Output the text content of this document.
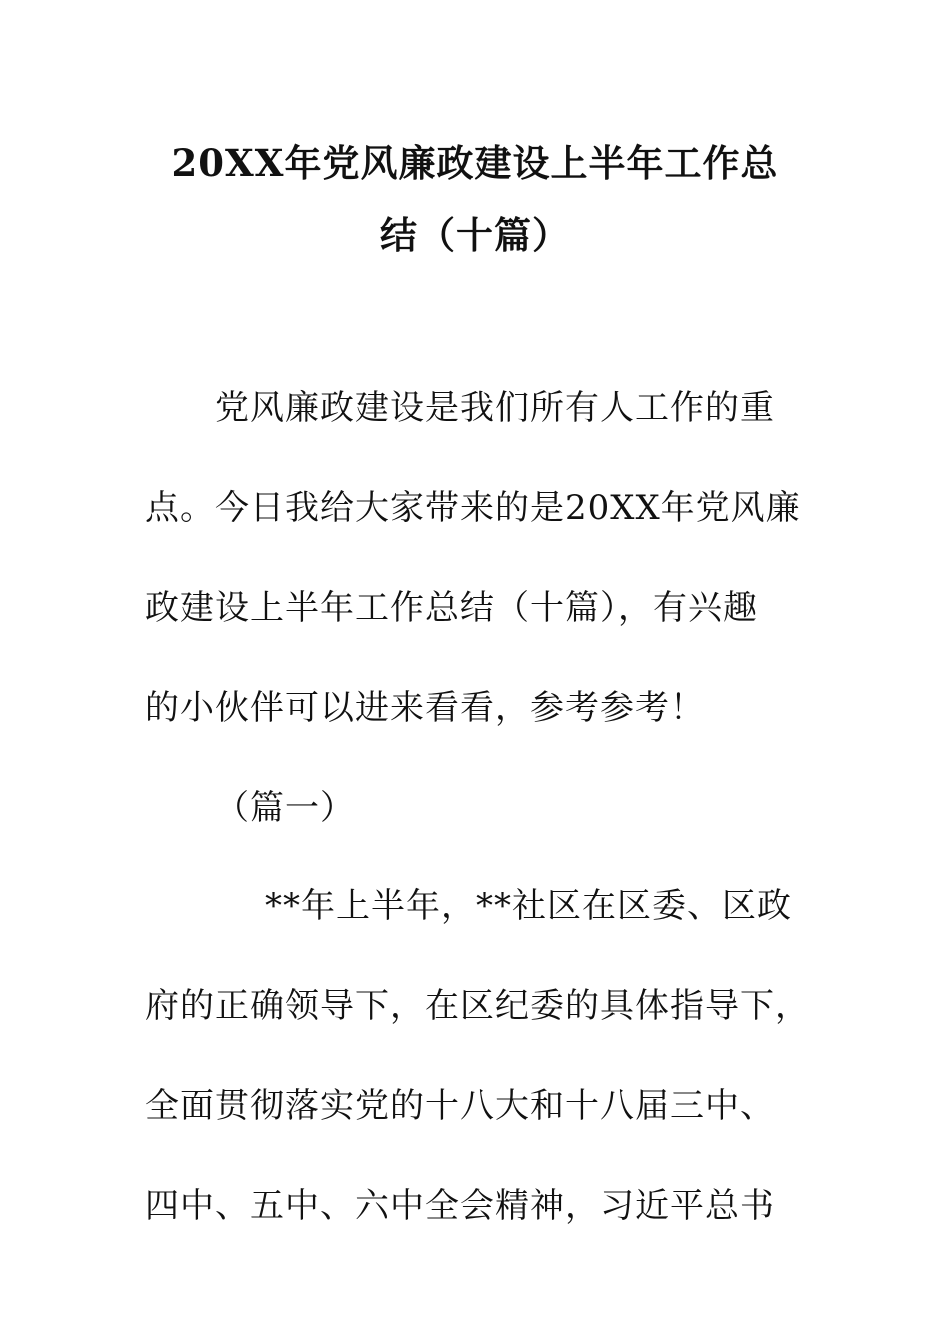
20XX年党风廉政建设上半年工作总
结（十篇）
党风廉政建设是我们所有人工作的重
点。今日我给大家带来的是20XX年党风廉
政建设上半年工作总结（十篇），有兴趣
的小伙伴可以进来看看，参考参考！
（篇一）
**年上半年，**社区在区委、区政
府的正确领导下，在区纪委的具体指导下，
全面贯彻落实党的十八大和十八届三中、
四中、五中、六中全会精神，习近平总书
